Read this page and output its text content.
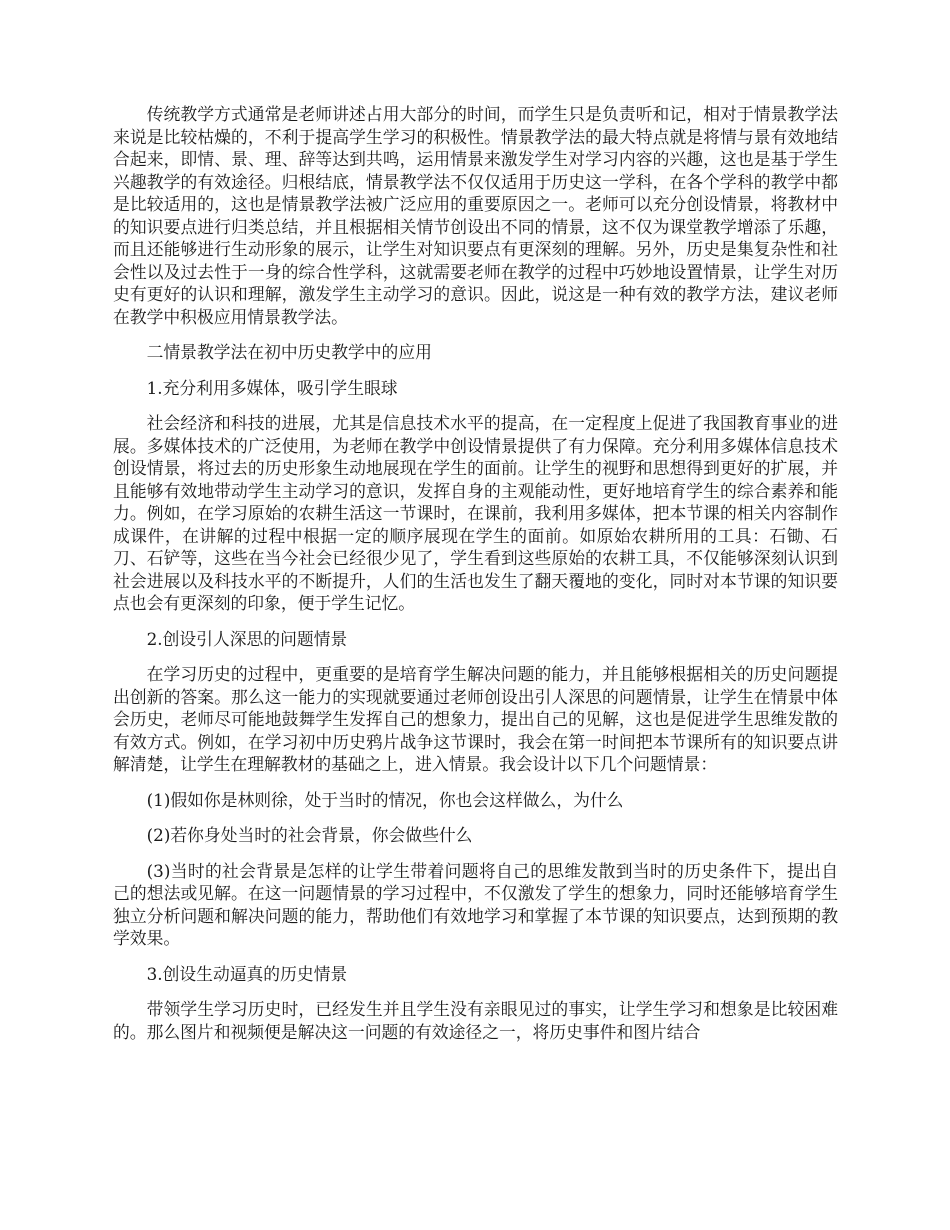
传统教学方式通常是老师讲述占用大部分的时间，而学生只是负责听和记，相对于情景教学法来说是比较枯燥的，不利于提高学生学习的积极性。情景教学法的最大特点就是将情与景有效地结合起来，即情、景、理、辞等达到共鸣，运用情景来激发学生对学习内容的兴趣，这也是基于学生兴趣教学的有效途径。归根结底，情景教学法不仅仅适用于历史这一学科，在各个学科的教学中都是比较适用的，这也是情景教学法被广泛应用的重要原因之一。老师可以充分创设情景，将教材中的知识要点进行归类总结，并且根据相关情节创设出不同的情景，这不仅为课堂教学增添了乐趣，而且还能够进行生动形象的展示，让学生对知识要点有更深刻的理解。另外，历史是集复杂性和社会性以及过去性于一身的综合性学科，这就需要老师在教学的过程中巧妙地设置情景，让学生对历史有更好的认识和理解，激发学生主动学习的意识。因此，说这是一种有效的教学方法，建议老师在教学中积极应用情景教学法。

二情景教学法在初中历史教学中的应用

1.充分利用多媒体，吸引学生眼球

社会经济和科技的进展，尤其是信息技术水平的提高，在一定程度上促进了我国教育事业的进展。多媒体技术的广泛使用，为老师在教学中创设情景提供了有力保障。充分利用多媒体信息技术创设情景，将过去的历史形象生动地展现在学生的面前。让学生的视野和思想得到更好的扩展，并且能够有效地带动学生主动学习的意识，发挥自身的主观能动性，更好地培育学生的综合素养和能力。例如，在学习原始的农耕生活这一节课时，在课前，我利用多媒体，把本节课的相关内容制作成课件，在讲解的过程中根据一定的顺序展现在学生的面前。如原始农耕所用的工具：石锄、石刀、石铲等，这些在当今社会已经很少见了，学生看到这些原始的农耕工具，不仅能够深刻认识到社会进展以及科技水平的不断提升，人们的生活也发生了翻天覆地的变化，同时对本节课的知识要点也会有更深刻的印象，便于学生记忆。

2.创设引人深思的问题情景

在学习历史的过程中，更重要的是培育学生解决问题的能力，并且能够根据相关的历史问题提出创新的答案。那么这一能力的实现就要通过老师创设出引人深思的问题情景，让学生在情景中体会历史，老师尽可能地鼓舞学生发挥自己的想象力，提出自己的见解，这也是促进学生思维发散的有效方式。例如，在学习初中历史鸦片战争这节课时，我会在第一时间把本节课所有的知识要点讲解清楚，让学生在理解教材的基础之上，进入情景。我会设计以下几个问题情景：

(1)假如你是林则徐，处于当时的情况，你也会这样做么，为什么

(2)若你身处当时的社会背景，你会做些什么

(3)当时的社会背景是怎样的让学生带着问题将自己的思维发散到当时的历史条件下，提出自己的想法或见解。在这一问题情景的学习过程中，不仅激发了学生的想象力，同时还能够培育学生独立分析问题和解决问题的能力，帮助他们有效地学习和掌握了本节课的知识要点，达到预期的教学效果。

3.创设生动逼真的历史情景

带领学生学习历史时，已经发生并且学生没有亲眼见过的事实，让学生学习和想象是比较困难的。那么图片和视频便是解决这一问题的有效途径之一，将历史事件和图片结合
